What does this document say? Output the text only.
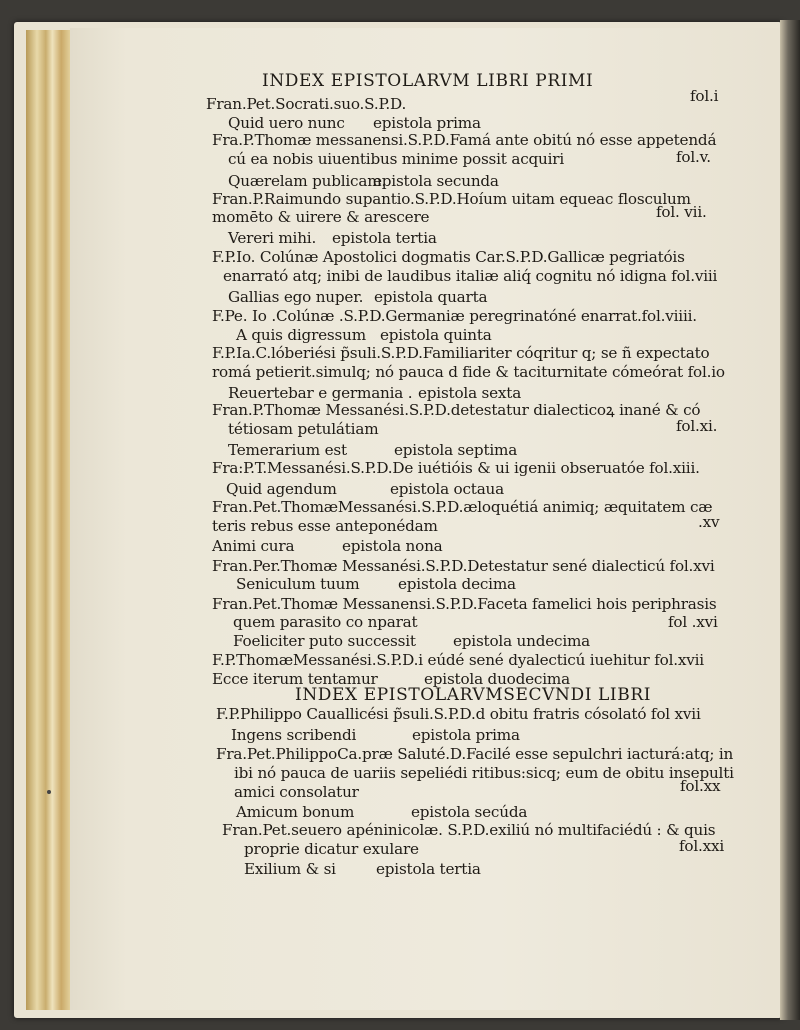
INDEX EPISTOLARVM LIBRI PRIMI
Fran.Pet.Socrati.suo.S.P.D.	fol.i
Quid uero nunc epistola prima
Fra.P.Thomæ messanensi.S.P.D.Famá ante obitú nó esse appetendá
cú ea nobis uiuentibus minime possit acquiri	fol.v.
Quærelam publicam.
epistola secunda
Fran.P.Raimundo supantio.S.P.D.Hoíum uitam equeac flosculum
momēto & uirere & arescere	fol. vii.
Vereri mihi. epistola tertia
F.P.Io. Colúnæ Apostolici dogmatis Car.S.P.D.Gallicæ pegriatóis
enarrató atq; inibi de laudibus italiæ aliq́ cognitu nó idigna fol.viii
Gallias ego nuper. epistola quarta
F.Pe. Io .Colúnæ .S.P.D.Germaniæ peregrinatóné enarrat.fol.viiii.
A quis digressum epistola quinta
F.P.Ia.C.lóberiési p̃suli.S.P.D.Familiariter cóqritur q; se ñ expectato
romá petierit.simulq; nó pauca d fide & taciturnitate cómeórat fol.io
Reuertebar e germania . epistola sexta
Fran.P.Thomæ Messanési.S.P.D.detestatur dialecticoꝝ inané & có
tétiosam petulátiam	fol.xi.
Temerarium est	epistola septima
Fra:P.T.Messanési.S.P.D.De iuétióis & ui igenii obseruatóe fol.xiii.
Quid agendum	epistola octaua
Fran.Pet.ThomæMessanési.S.P.D.æloquétiá animiq; æquitatem cæ
teris rebus esse anteponédam	.xv
Animi cura	epistola nona
Fran.Per.Thomæ Messanési.S.P.D.Detestatur sené dialecticú fol.xvi
Seniculum tuum	epistola decima
Fran.Pet.Thomæ Messanensi.S.P.D.Faceta famelici hois periphrasis
quem parasito co nparat	fol .xvi
Foeliciter puto successit epistola undecima
F.P.ThomæMessanési.S.P.D.i eúdé sené dyalecticú iuehitur fol.xvii
Ecce iterum tentamur	epistola duodecima
INDEX EPISTOLARVMSECVNDI LIBRI
F.P.Philippo Cauallicési p̃suli.S.P.D.d obitu fratris cósolató fol xvii
Ingens scribendi	epistola prima
Fra.Pet.PhilippoCa.præ Saluté.D.Facilé esse sepulchri iacturá:atq; in
ibi nó pauca de uariis sepeliédi ritibus:sicq; eum de obitu insepulti
amici consolatur	fol.xx
Amicum bonum	epistola secúda
Fran.Pet.seuero apéninicolæ. S.P.D.exiliú nó multifaciédú : & quis
proprie dicatur exulare	fol.xxi
Exilium & si	epistola tertia
